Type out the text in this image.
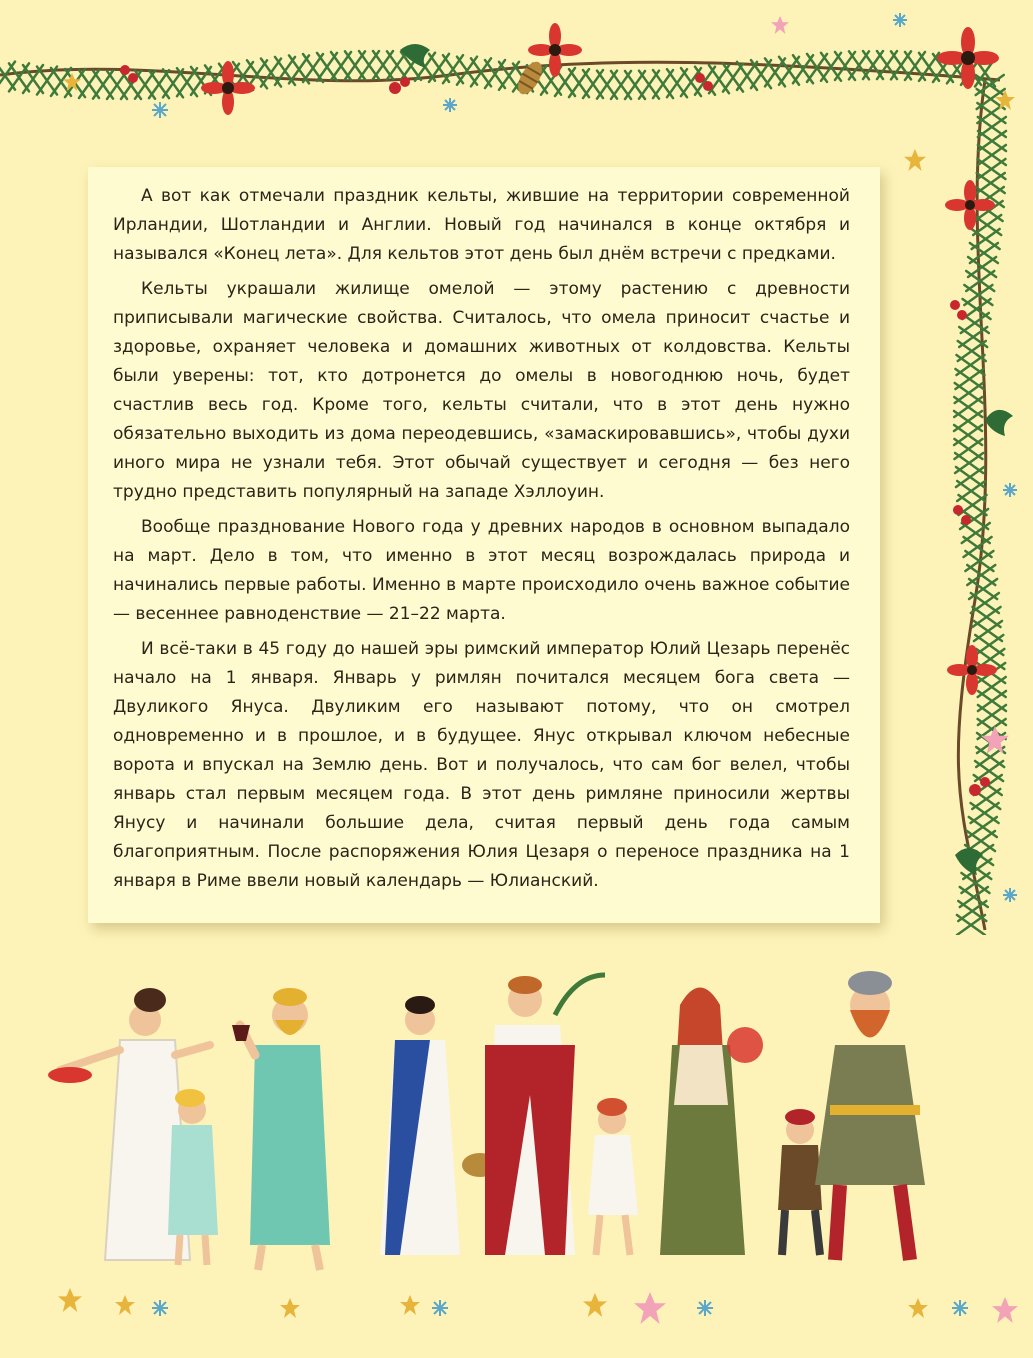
А вот как отмечали праздник кельты, жившие на территории современной Ирландии, Шотландии и Англии. Новый год начинался в конце октября и назывался «Конец лета». Для кельтов этот день был днём встречи с предками.

Кельты украшали жилище омелой — этому растению с древности приписывали магические свойства. Считалось, что омела приносит счастье и здоровье, охраняет человека и домашних животных от колдовства. Кельты были уверены: тот, кто дотронется до омелы в новогоднюю ночь, будет счастлив весь год. Кроме того, кельты считали, что в этот день нужно обязательно выходить из дома переодевшись, «замаскировавшись», чтобы духи иного мира не узнали тебя. Этот обычай существует и сегодня — без него трудно представить популярный на западе Хэллоуин.

Вообще празднование Нового года у древних народов в основном выпадало на март. Дело в том, что именно в этот месяц возрождалась природа и начинались первые работы. Именно в марте происходило очень важное событие — весеннее равноденствие — 21–22 марта.

И всё-таки в 45 году до нашей эры римский император Юлий Цезарь перенёс начало на 1 января. Январь у римлян почитался месяцем бога света — Двуликого Януса. Двуликим его называют потому, что он смотрел одновременно и в прошлое, и в будущее. Янус открывал ключом небесные ворота и впускал на Землю день. Вот и получалось, что сам бог велел, чтобы январь стал первым месяцем года. В этот день римляне приносили жертвы Янусу и начинали большие дела, считая первый день года самым благоприятным. После распоряжения Юлия Цезаря о переносе праздника на 1 января в Риме ввели новый календарь — Юлианский.
